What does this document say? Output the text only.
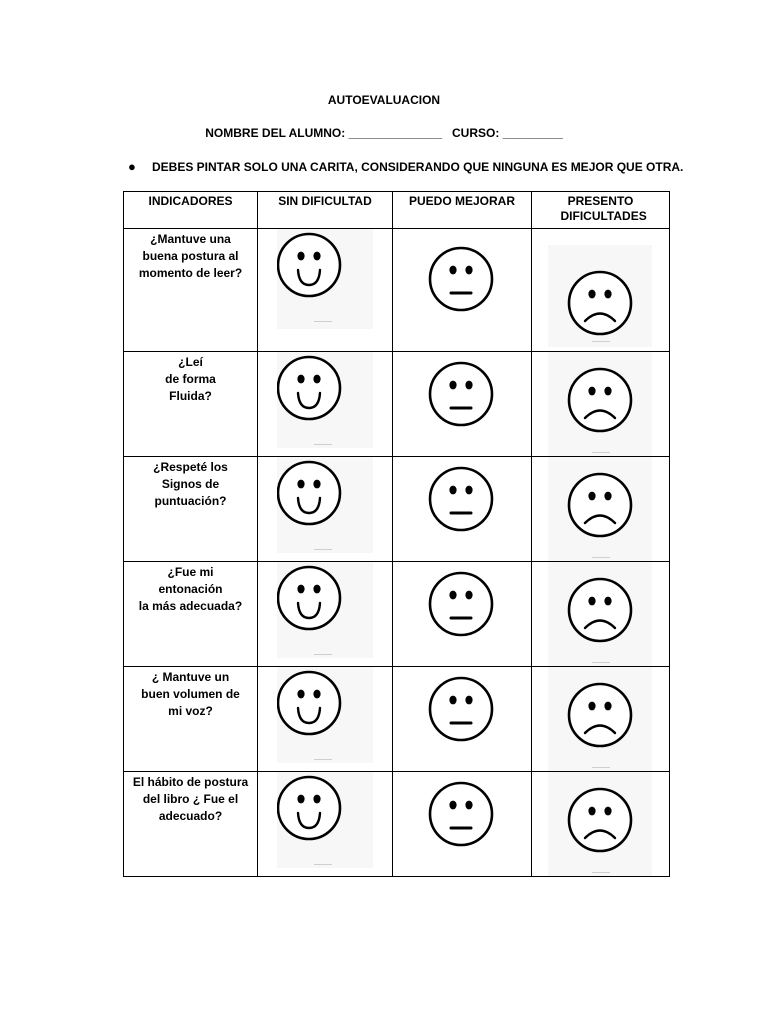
AUTOEVALUACION
NOMBRE DEL ALUMNO: ______________   CURSO: _________
● DEBES PINTAR SOLO UNA CARITA, CONSIDERANDO QUE NINGUNA ES MEJOR QUE OTRA.
INDICADORES	SIN DIFICULTAD	PUEDO MEJORAR	PRESENTO DIFICULTADES

¿Mantuve una
buena postura al
momento de leer?

¿Leí
de forma
Fluida?

¿Respeté los
Signos de
puntuación?

¿Fue mi
entonación
la más adecuada?

¿ Mantuve un
buen volumen de
mi voz?

El hábito de postura
del libro ¿ Fue el
adecuado?
